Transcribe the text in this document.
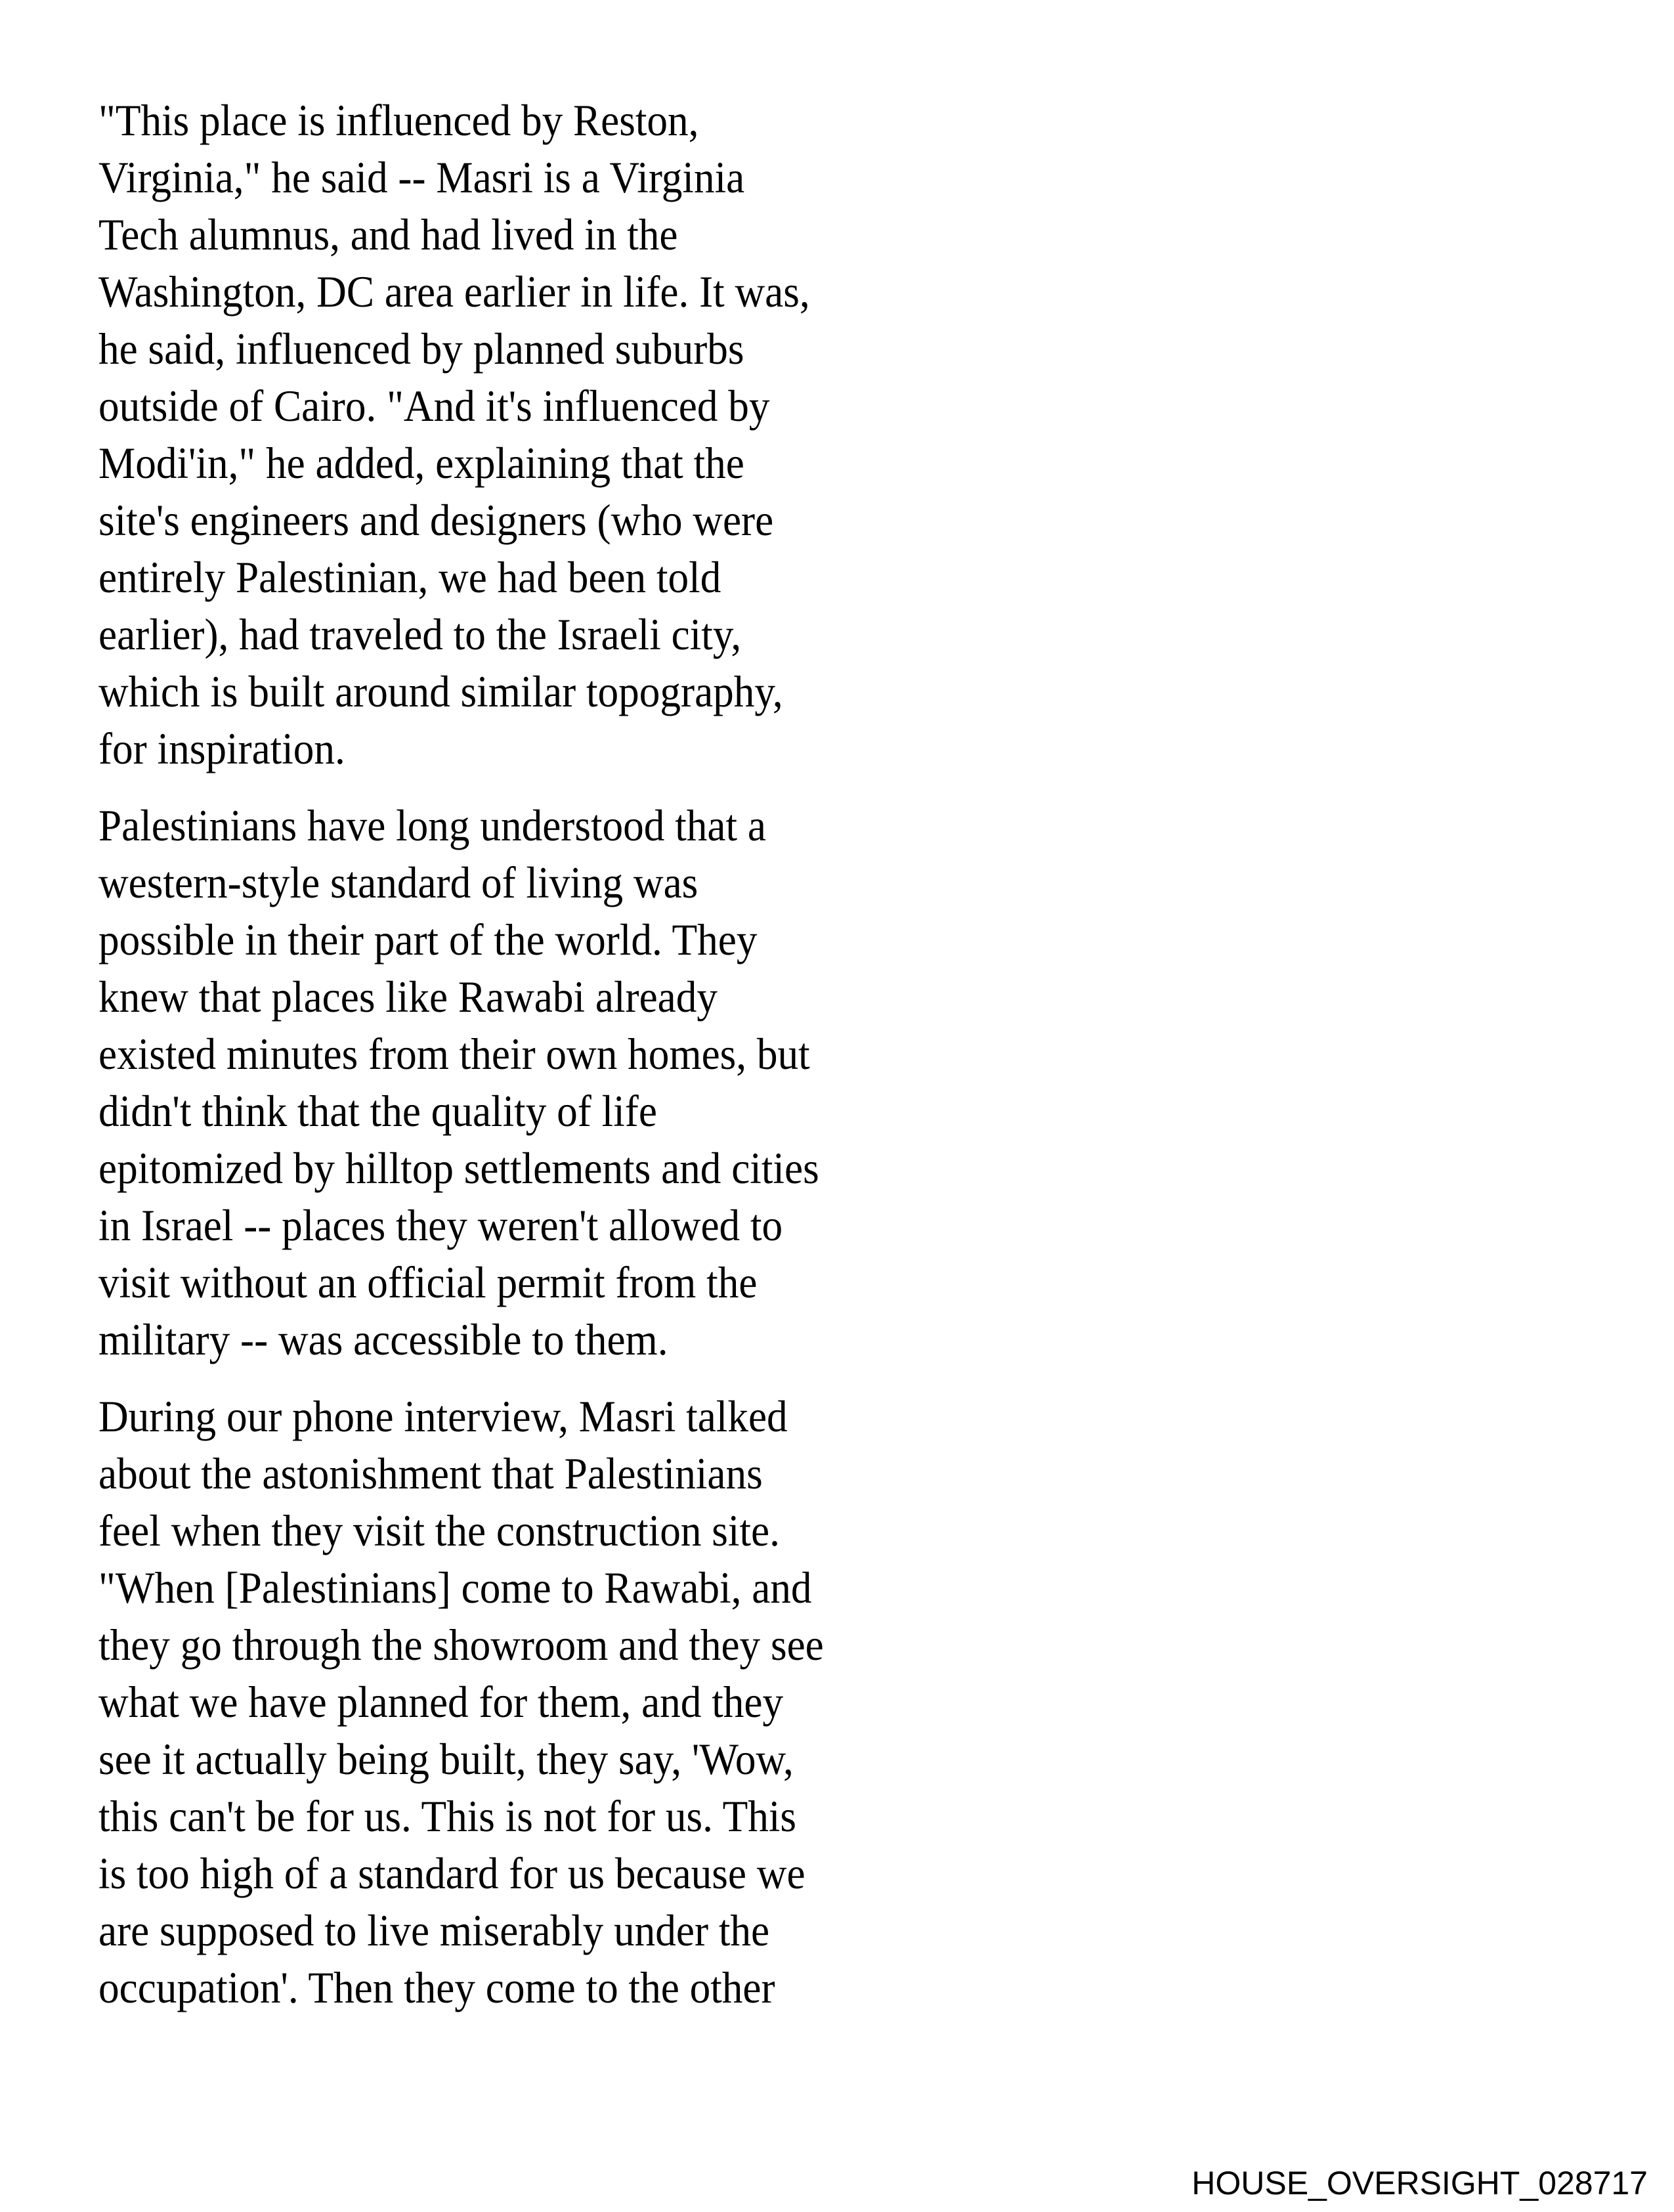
"This place is influenced by Reston,
Virginia," he said -- Masri is a Virginia
Tech alumnus, and had lived in the
Washington, DC area earlier in life. It was,
he said, influenced by planned suburbs
outside of Cairo. "And it's influenced by
Modi'in," he added, explaining that the
site's engineers and designers (who were
entirely Palestinian, we had been told
earlier), had traveled to the Israeli city,
which is built around similar topography,
for inspiration.
Palestinians have long understood that a
western-style standard of living was
possible in their part of the world. They
knew that places like Rawabi already
existed minutes from their own homes, but
didn't think that the quality of life
epitomized by hilltop settlements and cities
in Israel -- places they weren't allowed to
visit without an official permit from the
military -- was accessible to them.
During our phone interview, Masri talked
about the astonishment that Palestinians
feel when they visit the construction site.
"When [Palestinians] come to Rawabi, and
they go through the showroom and they see
what we have planned for them, and they
see it actually being built, they say, 'Wow,
this can't be for us. This is not for us. This
is too high of a standard for us because we
are supposed to live miserably under the
occupation'. Then they come to the other
HOUSE_OVERSIGHT_028717
